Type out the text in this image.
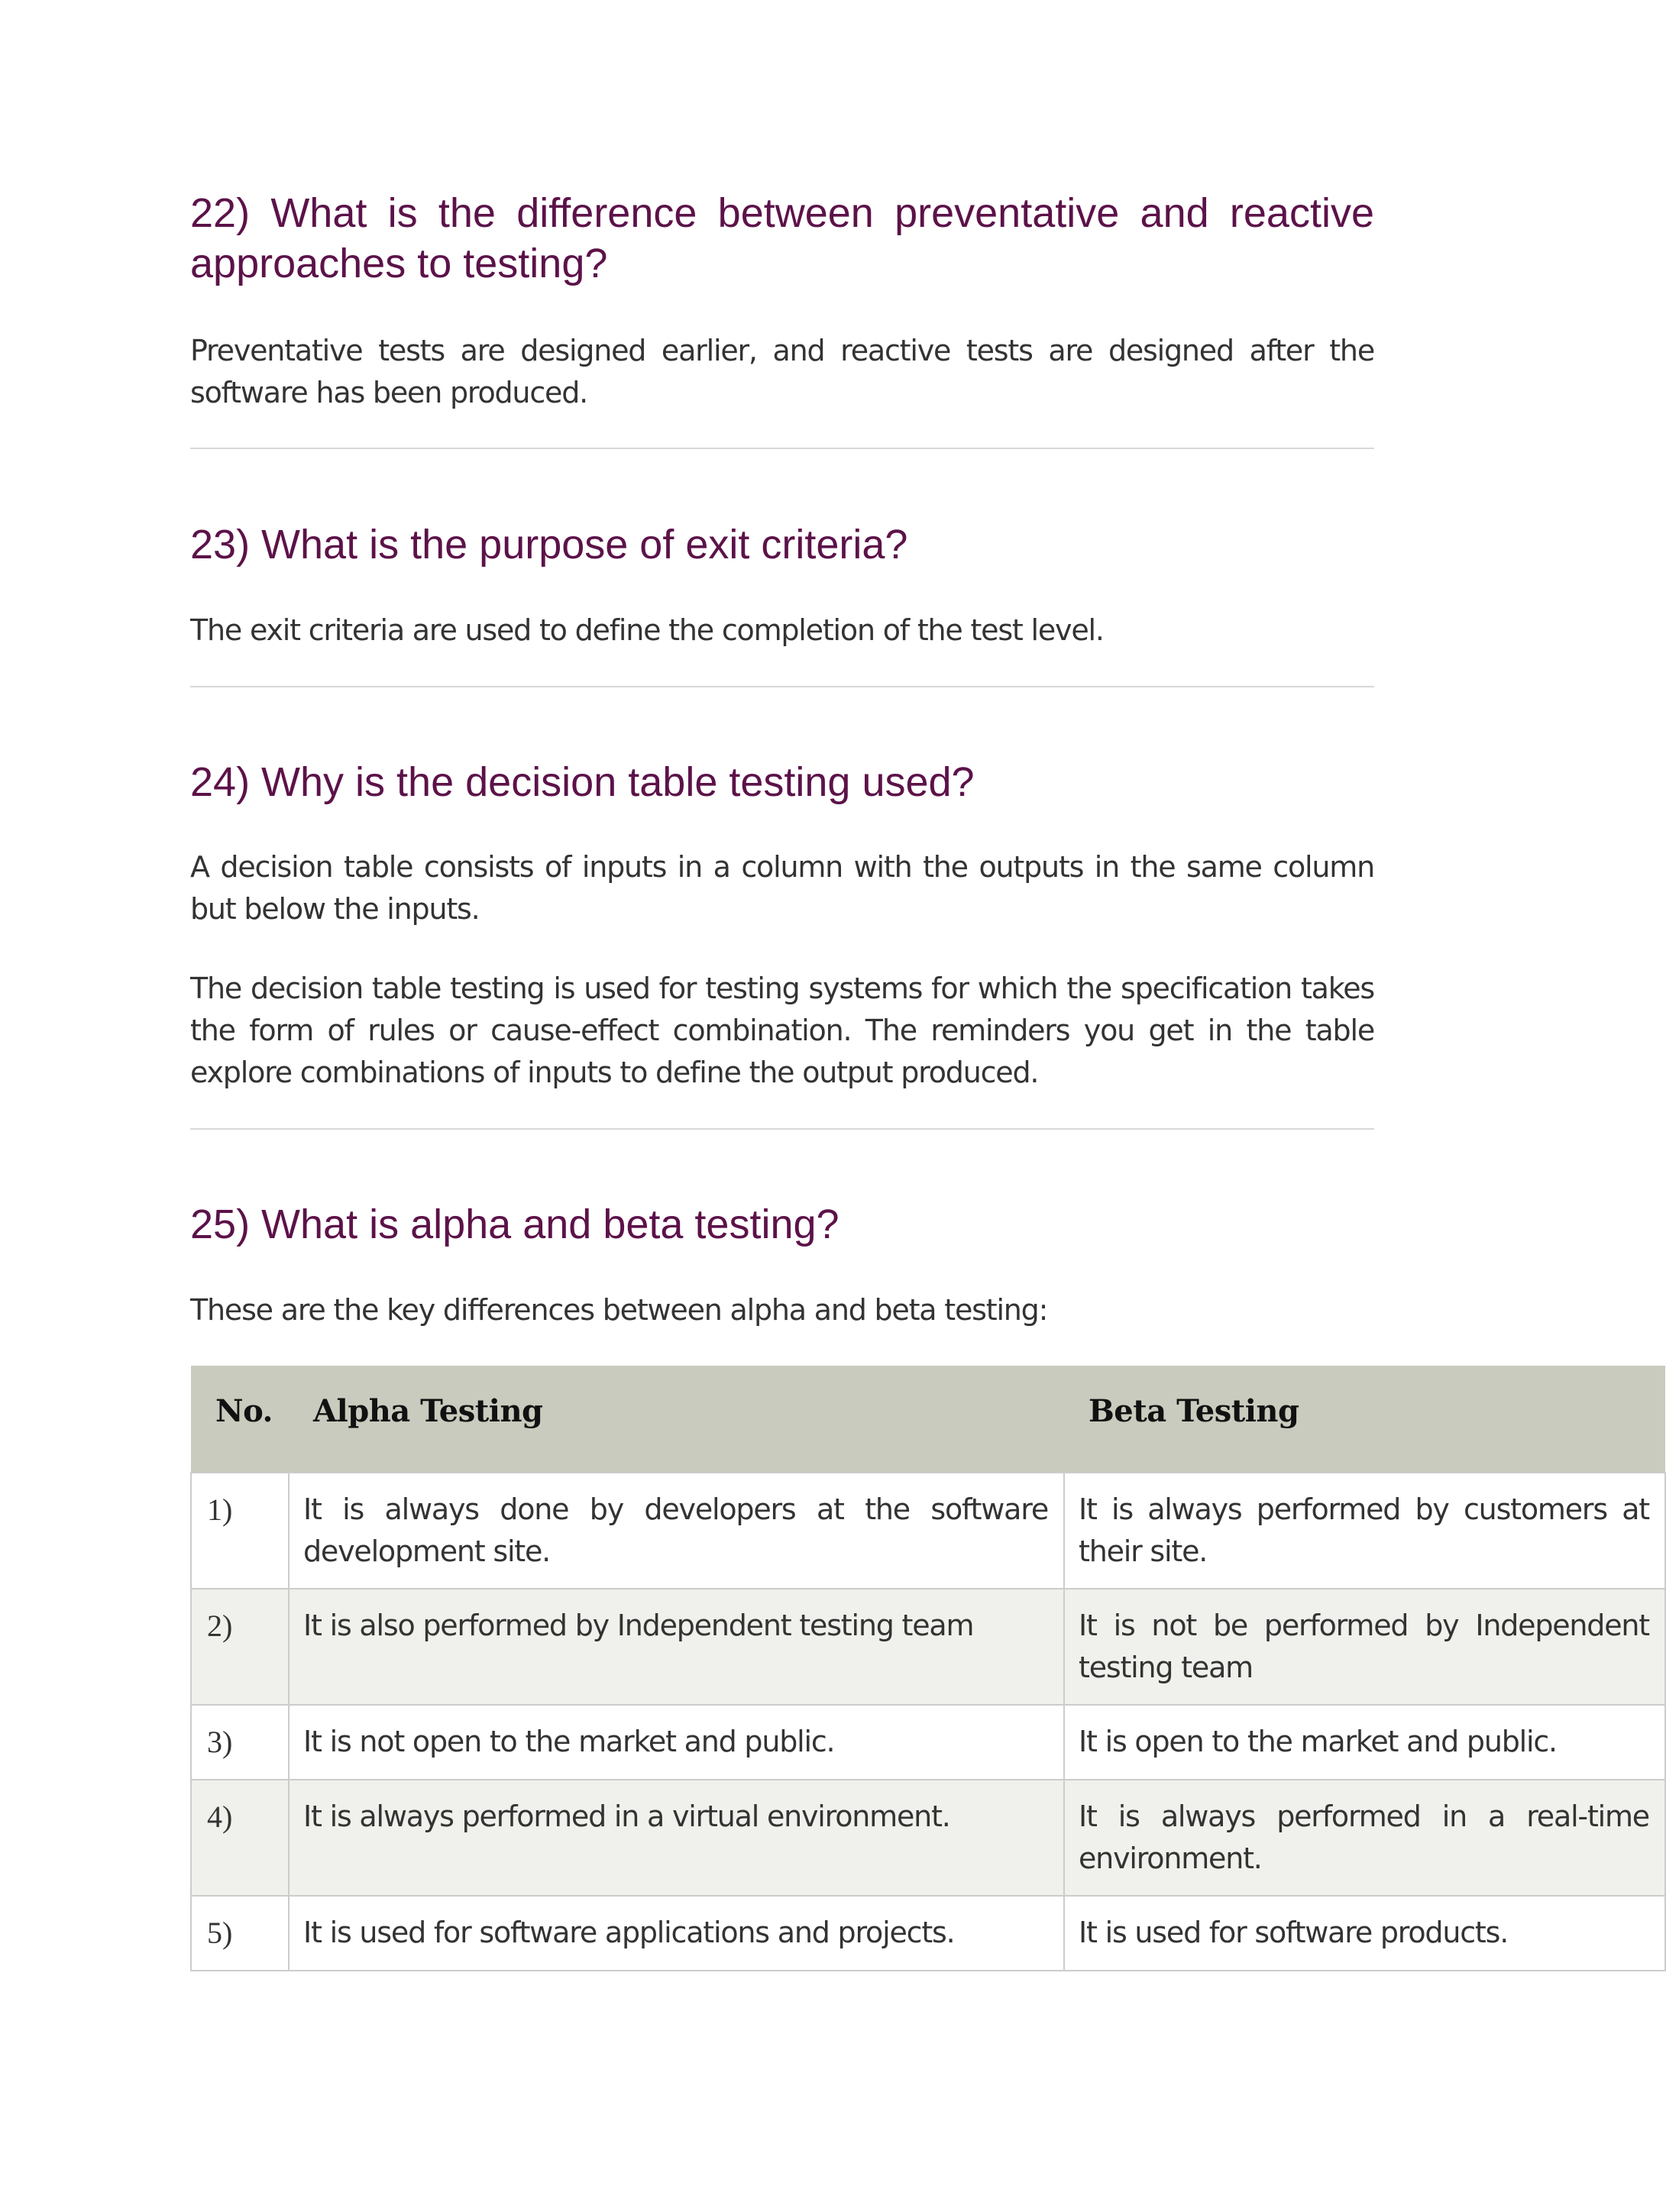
22) What is the difference between preventative and reactive approaches to testing?

Preventative tests are designed earlier, and reactive tests are designed after the software has been produced.

23) What is the purpose of exit criteria?

The exit criteria are used to define the completion of the test level.

24) Why is the decision table testing used?

A decision table consists of inputs in a column with the outputs in the same column but below the inputs.

The decision table testing is used for testing systems for which the specification takes the form of rules or cause-effect combination. The reminders you get in the table explore combinations of inputs to define the output produced.

25) What is alpha and beta testing?

These are the key differences between alpha and beta testing:

No.	Alpha Testing	Beta Testing
1)	It is always done by developers at the software development site.	It is always performed by customers at their site.
2)	It is also performed by Independent testing team	It is not be performed by Independent testing team
3)	It is not open to the market and public.	It is open to the market and public.
4)	It is always performed in a virtual environment.	It is always performed in a real-time environment.
5)	It is used for software applications and projects.	It is used for software products.
